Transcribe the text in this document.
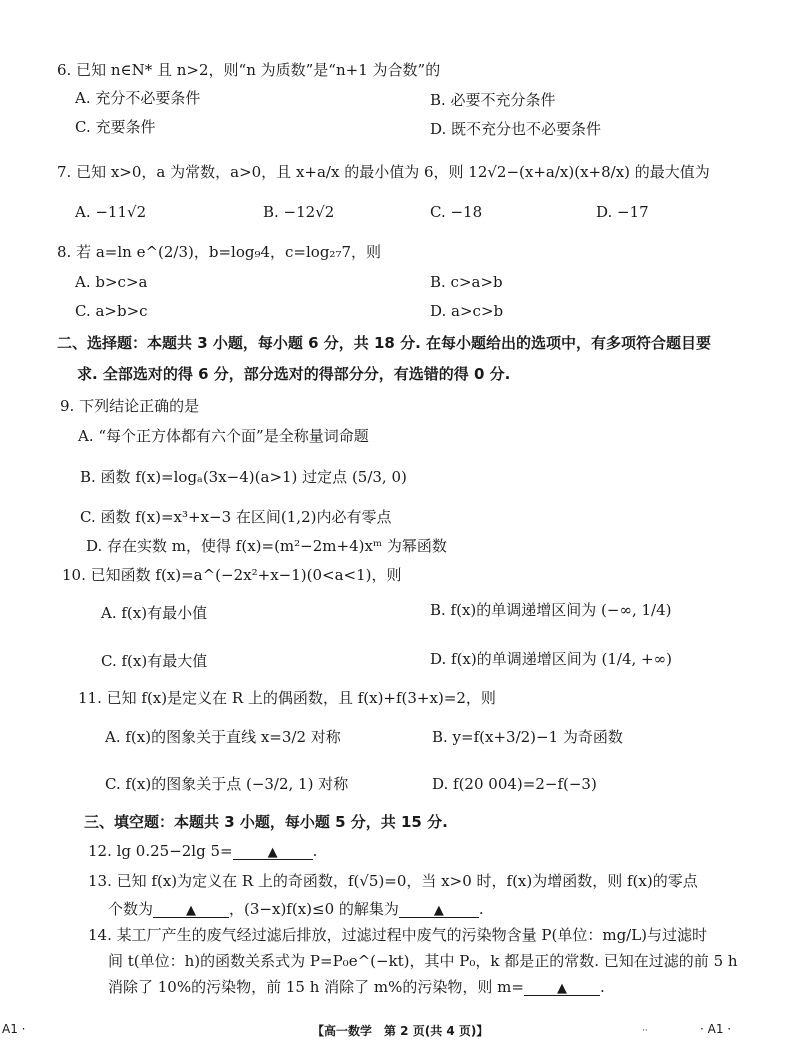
6. 已知 n∈N* 且 n>2，则“n 为质数”是“n+1 为合数”的
A. 充分不必要条件	B. 必要不充分条件
C. 充要条件	D. 既不充分也不必要条件
7. 已知 x>0，a 为常数，a>0，且 x+a/x 的最小值为 6，则 12√2−(x+a/x)(x+8/x) 的最大值为
A. −11√2	B. −12√2	C. −18	D. −17
8. 若 a=ln e^(2/3)，b=log₉4，c=log₂₇7，则
A. b>c>a	B. c>a>b
C. a>b>c	D. a>c>b
二、选择题：本题共 3 小题，每小题 6 分，共 18 分. 在每小题给出的选项中，有多项符合题目要
求. 全部选对的得 6 分，部分选对的得部分分，有选错的得 0 分.
9. 下列结论正确的是
A. “每个正方体都有六个面”是全称量词命题
B. 函数 f(x)=logₐ(3x−4)(a>1) 过定点 (5/3, 0)
C. 函数 f(x)=x³+x−3 在区间(1,2)内必有零点
D. 存在实数 m，使得 f(x)=(m²−2m+4)xᵐ 为幂函数
10. 已知函数 f(x)=a^(−2x²+x−1)(0<a<1)，则
A. f(x)有最小值	B. f(x)的单调递增区间为 (−∞, 1/4)
C. f(x)有最大值	D. f(x)的单调递增区间为 (1/4, +∞)
11. 已知 f(x)是定义在 R 上的偶函数，且 f(x)+f(3+x)=2，则
A. f(x)的图象关于直线 x=3/2 对称	B. y=f(x+3/2)−1 为奇函数
C. f(x)的图象关于点 (−3/2, 1) 对称	D. f(20 004)=2−f(−3)
三、填空题：本题共 3 小题，每小题 5 分，共 15 分.
12. lg 0.25−2lg 5=	▲ .
13. 已知 f(x)为定义在 R 上的奇函数，f(√5)=0，当 x>0 时，f(x)为增函数，则 f(x)的零点
个数为	▲ ，(3−x)f(x)≤0 的解集为	▲ .
14. 某工厂产生的废气经过滤后排放，过滤过程中废气的污染物含量 P(单位：mg/L)与过滤时
间 t(单位：h)的函数关系式为 P=P₀e^(−kt)，其中 P₀，k 都是正的常数. 已知在过滤的前 5 h
消除了 10%的污染物，前 15 h 消除了 m%的污染物，则 m=	▲ .
A1 ·	【高一数学　第 2 页(共 4 页)】	··	· A1 ·
